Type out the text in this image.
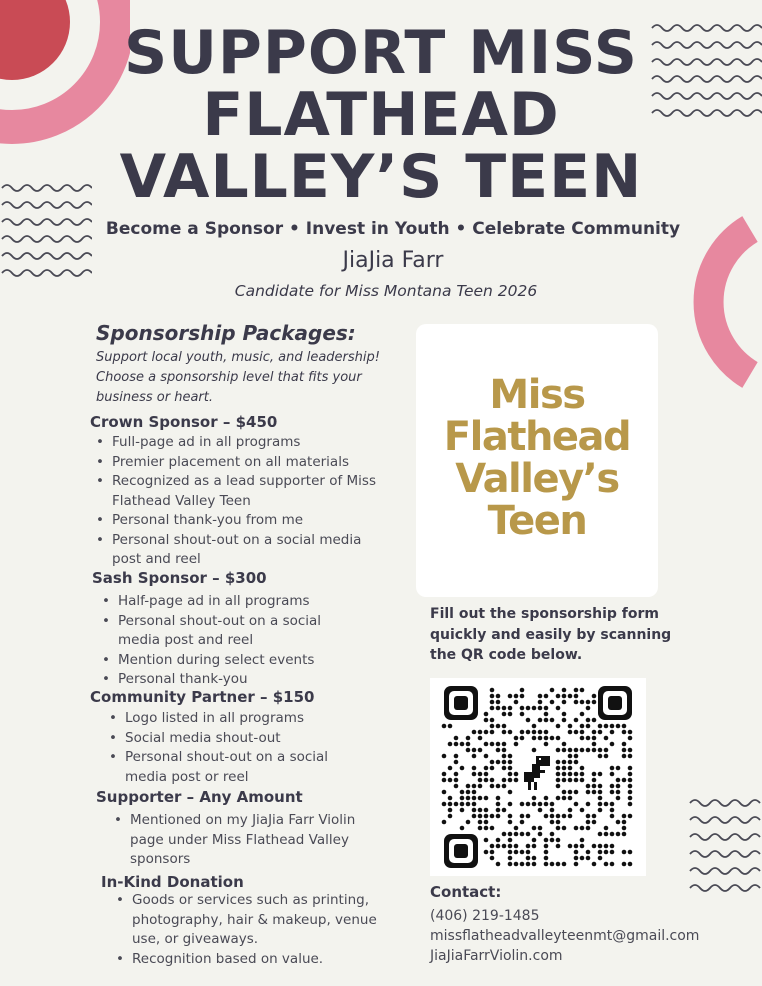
SUPPORT MISS
FLATHEAD
VALLEY’S TEEN
Become a Sponsor • Invest in Youth • Celebrate Community
JiaJia Farr
Candidate for Miss Montana Teen 2026
Sponsorship Packages:
Support local youth, music, and leadership! Choose a sponsorship level that fits your business or heart.
Crown Sponsor – $450
• Full-page ad in all programs
• Premier placement on all materials
• Recognized as a lead supporter of Miss Flathead Valley Teen
• Personal thank-you from me
• Personal shout-out on a social media post and reel
Sash Sponsor – $300
• Half-page ad in all programs
• Personal shout-out on a social media post and reel
• Mention during select events
• Personal thank-you
Community Partner – $150
• Logo listed in all programs
• Social media shout-out
• Personal shout-out on a social media post or reel
Supporter – Any Amount
• Mentioned on my JiaJia Farr Violin page under Miss Flathead Valley sponsors
In-Kind Donation
• Goods or services such as printing, photography, hair & makeup, venue use, or giveaways.
• Recognition based on value.
Miss
Flathead
Valley’s
Teen
Fill out the sponsorship form quickly and easily by scanning the QR code below.
Contact:
(406) 219-1485
missflatheadvalleyteenmt@gmail.com
JiaJiaFarrViolin.com
